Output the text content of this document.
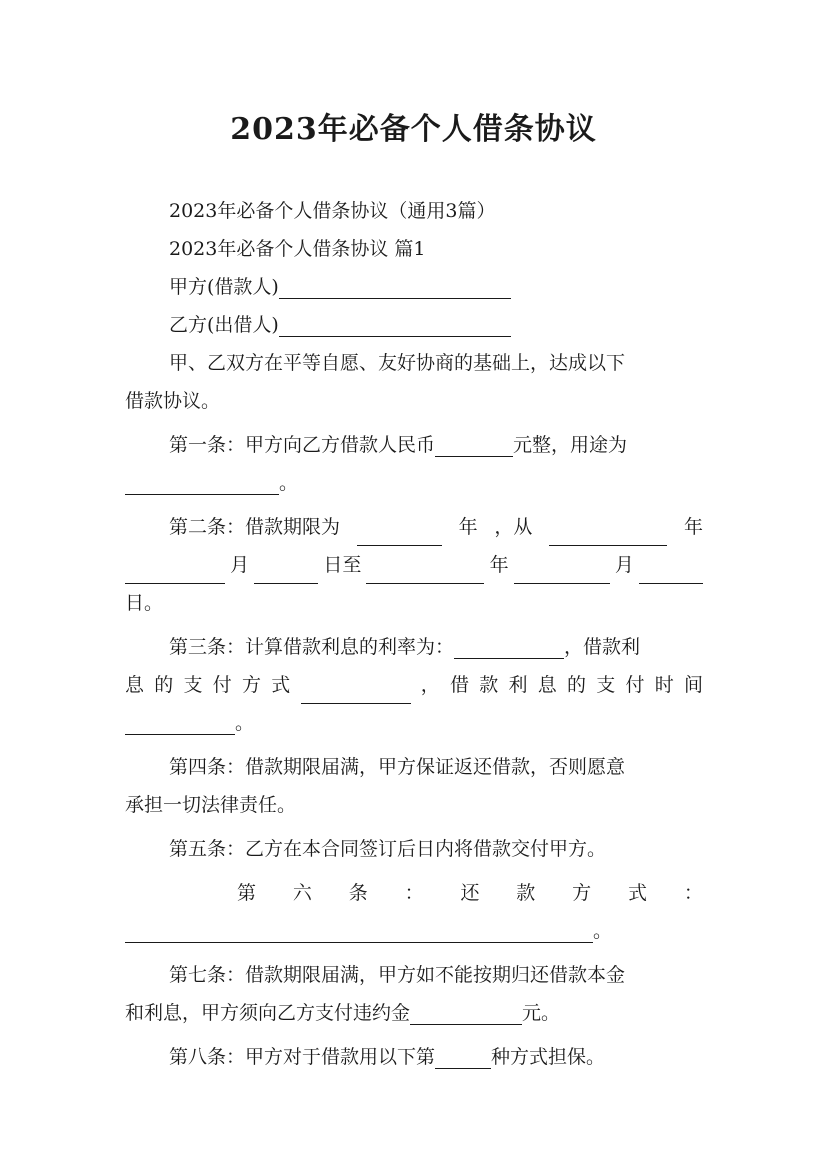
2023年必备个人借条协议
2023年必备个人借条协议（通用3篇）
2023年必备个人借条协议 篇1
甲方(借款人)
乙方(出借人)
甲、乙双方在平等自愿、友好协商的基础上，达成以下
借款协议。
第一条：甲方向乙方借款人民币	元整，用途为
。
第二条：借款期限为	年 ，从	年
月	日至	年	月
日。
第三条：计算借款利息的利率为：	，借款利
息 的 支 付 方 式	， 借 款 利 息 的 支 付 时 间
。
第四条：借款期限届满，甲方保证返还借款，否则愿意
承担一切法律责任。
第五条：乙方在本合同签订后日内将借款交付甲方。
第 六 条 ： 还 款 方 式 ：
。
第七条：借款期限届满，甲方如不能按期归还借款本金
和利息，甲方须向乙方支付违约金	元。
第八条：甲方对于借款用以下第	种方式担保。
